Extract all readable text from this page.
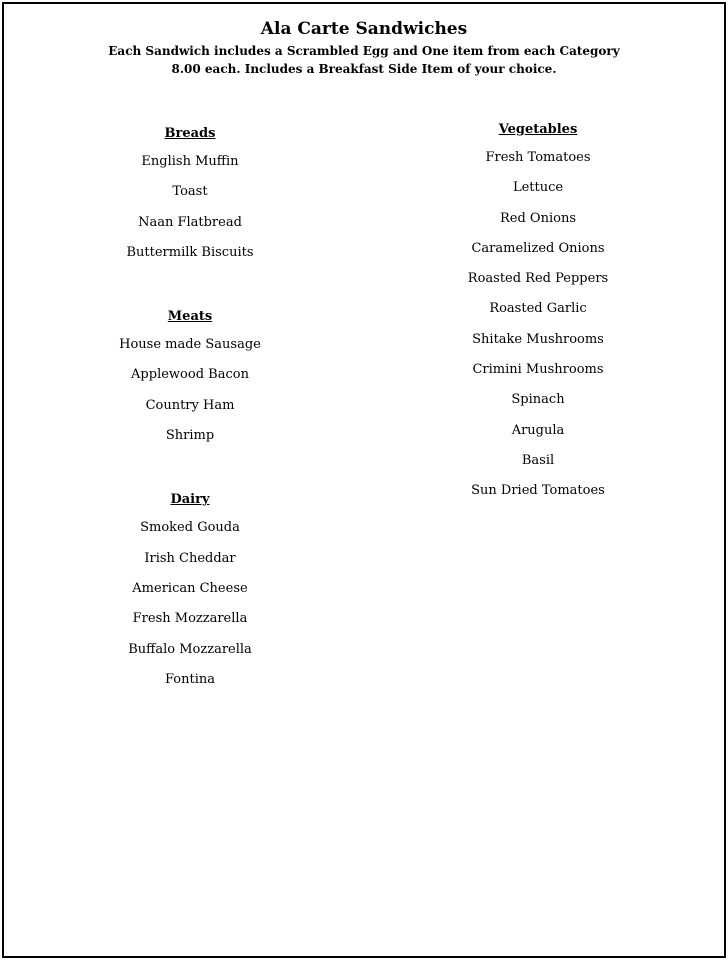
Ala Carte Sandwiches

Each Sandwich includes a Scrambled Egg and One item from each Category

8.00 each. Includes a Breakfast Side Item of your choice.

Breads

English Muffin

Toast

Naan Flatbread

Buttermilk Biscuits

Meats

House made Sausage

Applewood Bacon

Country Ham

Shrimp

Dairy

Smoked Gouda

Irish Cheddar

American Cheese

Fresh Mozzarella

Buffalo Mozzarella

Fontina

Vegetables

Fresh Tomatoes

Lettuce

Red Onions

Caramelized Onions

Roasted Red Peppers

Roasted Garlic

Shitake Mushrooms

Crimini Mushrooms

Spinach

Arugula

Basil

Sun Dried Tomatoes
